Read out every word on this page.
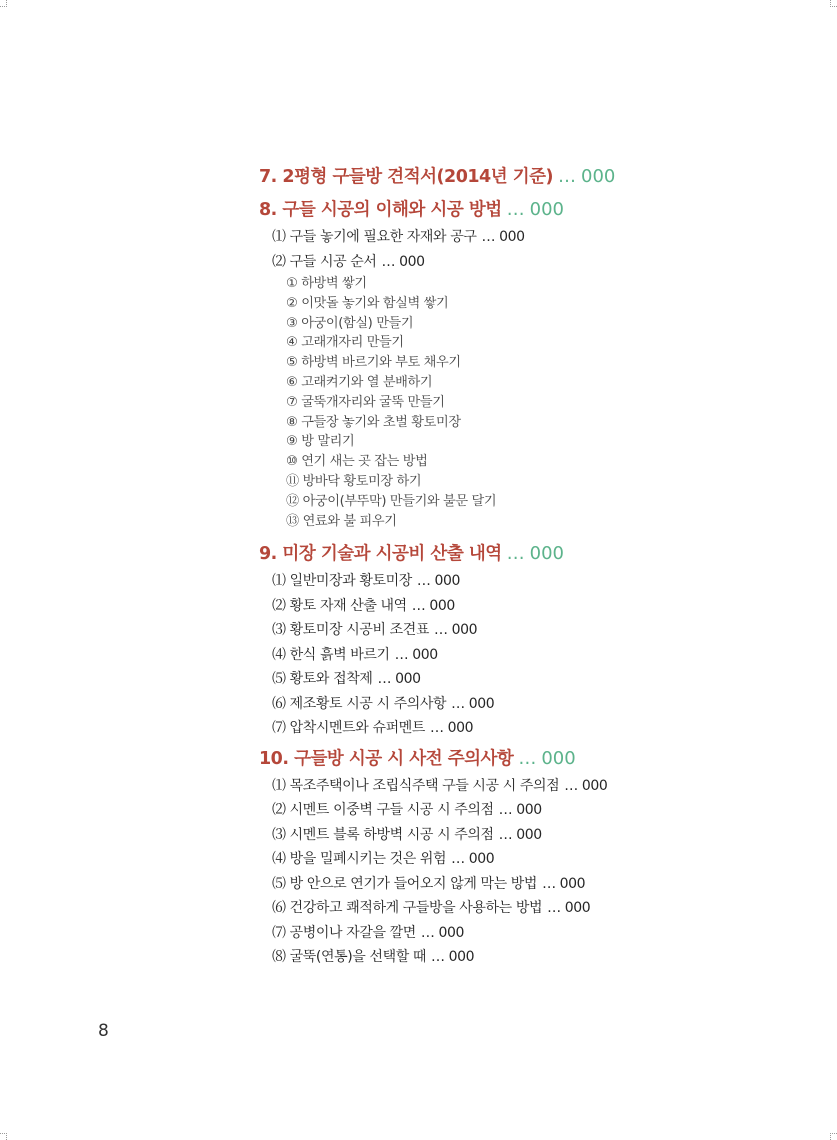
7. 2평형 구들방 견적서(2014년 기준) … 000
8. 구들 시공의 이해와 시공 방법 … 000
⑴ 구들 놓기에 필요한 자재와 공구 … 000
⑵ 구들 시공 순서 … 000
① 하방벽 쌓기
② 이맛돌 놓기와 함실벽 쌓기
③ 아궁이(함실) 만들기
④ 고래개자리 만들기
⑤ 하방벽 바르기와 부토 채우기
⑥ 고래켜기와 열 분배하기
⑦ 굴뚝개자리와 굴뚝 만들기
⑧ 구들장 놓기와 초벌 황토미장
⑨ 방 말리기
⑩ 연기 새는 곳 잡는 방법
⑪ 방바닥 황토미장 하기
⑫ 아궁이(부뚜막) 만들기와 불문 달기
⑬ 연료와 불 피우기
9. 미장 기술과 시공비 산출 내역 … 000
⑴ 일반미장과 황토미장 … 000
⑵ 황토 자재 산출 내역 … 000
⑶ 황토미장 시공비 조견표 … 000
⑷ 한식 흙벽 바르기 … 000
⑸ 황토와 접착제 … 000
⑹ 제조황토 시공 시 주의사항 … 000
⑺ 압착시멘트와 슈퍼멘트 … 000
10. 구들방 시공 시 사전 주의사항 … 000
⑴ 목조주택이나 조립식주택 구들 시공 시 주의점 … 000
⑵ 시멘트 이중벽 구들 시공 시 주의점 … 000
⑶ 시멘트 블록 하방벽 시공 시 주의점 … 000
⑷ 방을 밀폐시키는 것은 위험 … 000
⑸ 방 안으로 연기가 들어오지 않게 막는 방법 … 000
⑹ 건강하고 쾌적하게 구들방을 사용하는 방법 … 000
⑺ 공병이나 자갈을 깔면 … 000
⑻ 굴뚝(연통)을 선택할 때 … 000
8
